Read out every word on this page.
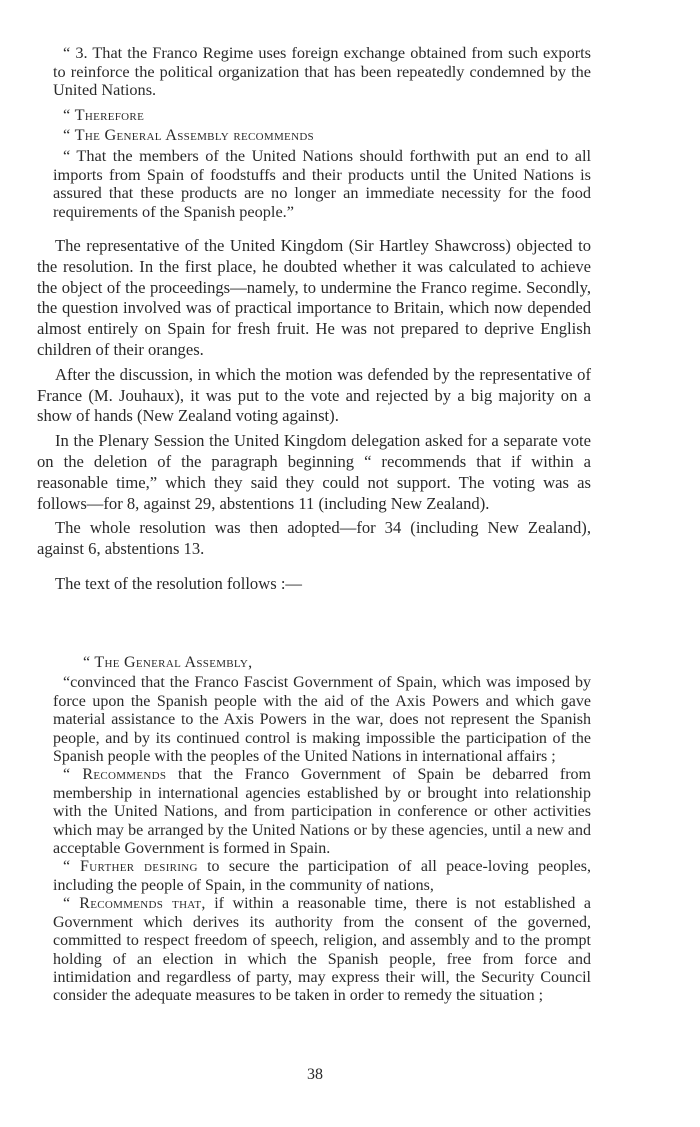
“ 3. That the Franco Regime uses foreign exchange obtained from such exports to reinforce the political organization that has been repeatedly condemned by the United Nations.

“ Therefore

“ The General Assembly recommends

“ That the members of the United Nations should forthwith put an end to all imports from Spain of foodstuffs and their products until the United Nations is assured that these products are no longer an immediate necessity for the food requirements of the Spanish people.”

The representative of the United Kingdom (Sir Hartley Shawcross) objected to the resolution. In the first place, he doubted whether it was calculated to achieve the object of the proceedings—namely, to undermine the Franco regime. Secondly, the question involved was of practical importance to Britain, which now depended almost entirely on Spain for fresh fruit. He was not prepared to deprive English children of their oranges.

After the discussion, in which the motion was defended by the representative of France (M. Jouhaux), it was put to the vote and rejected by a big majority on a show of hands (New Zealand voting against).

In the Plenary Session the United Kingdom delegation asked for a separate vote on the deletion of the paragraph beginning “ recommends that if within a reasonable time,” which they said they could not support. The voting was as follows—for 8, against 29, abstentions 11 (including New Zealand).

The whole resolution was then adopted—for 34 (including New Zealand), against 6, abstentions 13.

The text of the resolution follows :—

“ The General Assembly,

“convinced that the Franco Fascist Government of Spain, which was imposed by force upon the Spanish people with the aid of the Axis Powers and which gave material assistance to the Axis Powers in the war, does not represent the Spanish people, and by its continued control is making impossible the participation of the Spanish people with the peoples of the United Nations in international affairs ;

“ Recommends that the Franco Government of Spain be debarred from membership in international agencies established by or brought into relationship with the United Nations, and from participation in conference or other activities which may be arranged by the United Nations or by these agencies, until a new and acceptable Government is formed in Spain.

“ Further desiring to secure the participation of all peace-loving peoples, including the people of Spain, in the community of nations,

“ Recommends that, if within a reasonable time, there is not established a Government which derives its authority from the consent of the governed, committed to respect freedom of speech, religion, and assembly and to the prompt holding of an election in which the Spanish people, free from force and intimidation and regardless of party, may express their will, the Security Council consider the adequate measures to be taken in order to remedy the situation ;

38
